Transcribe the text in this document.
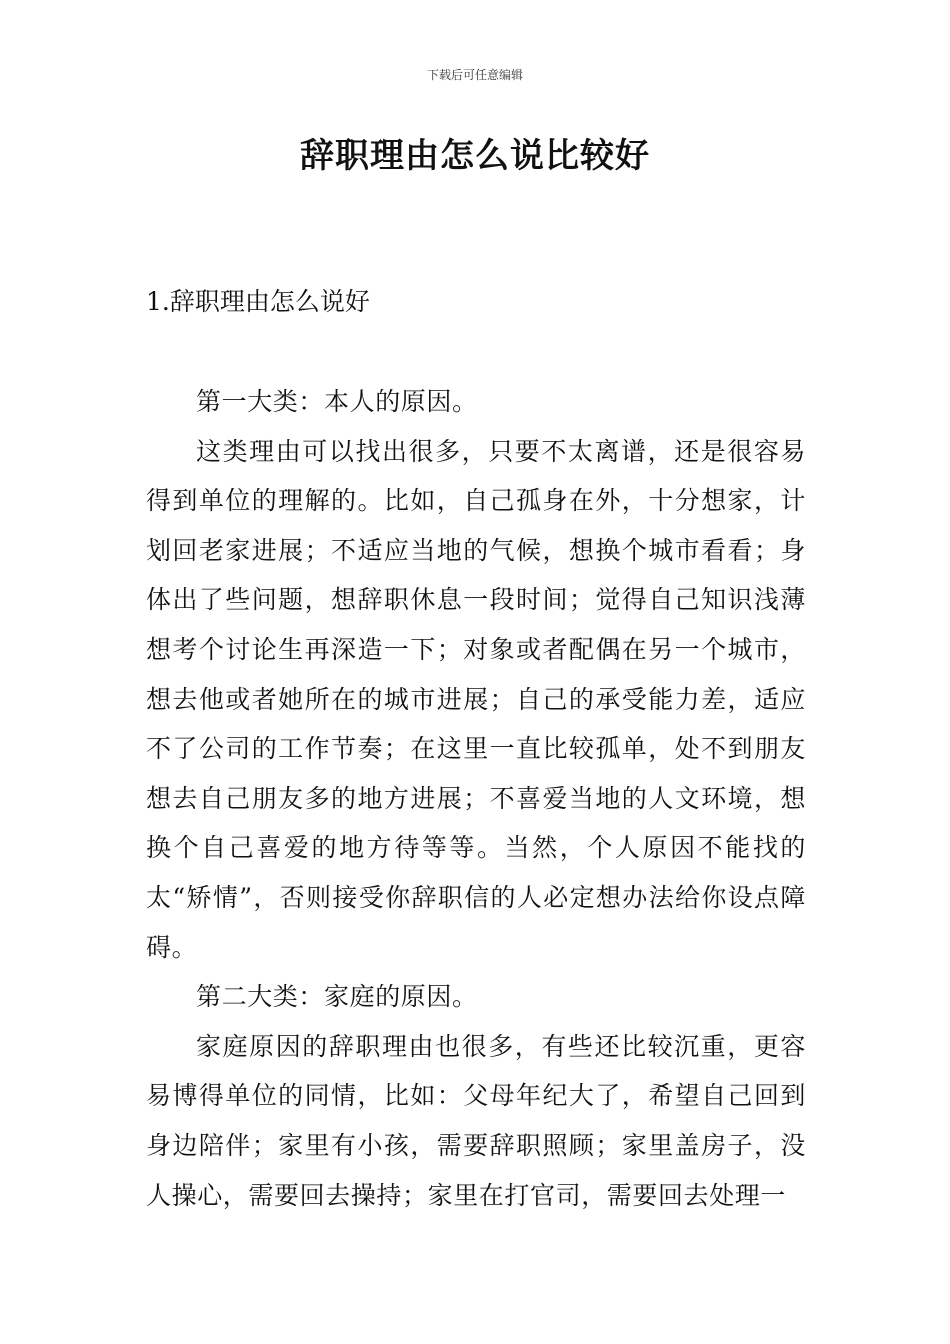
下载后可任意编辑
辞职理由怎么说比较好
1.辞职理由怎么说好

第一大类：本人的原因。

这类理由可以找出很多，只要不太离谱，还是很容易得到单位的理解的。比如，自己孤身在外，十分想家，计划回老家进展；不适应当地的气候，想换个城市看看；身体出了些问题，想辞职休息一段时间；觉得自己知识浅薄想考个讨论生再深造一下；对象或者配偶在另一个城市，想去他或者她所在的城市进展；自己的承受能力差，适应不了公司的工作节奏；在这里一直比较孤单，处不到朋友想去自己朋友多的地方进展；不喜爱当地的人文环境，想换个自己喜爱的地方待等等。当然，个人原因不能找的太“矫情”，否则接受你辞职信的人必定想办法给你设点障碍。

第二大类：家庭的原因。

家庭原因的辞职理由也很多，有些还比较沉重，更容易博得单位的同情，比如：父母年纪大了，希望自己回到身边陪伴；家里有小孩，需要辞职照顾；家里盖房子，没人操心，需要回去操持；家里在打官司，需要回去处理一
